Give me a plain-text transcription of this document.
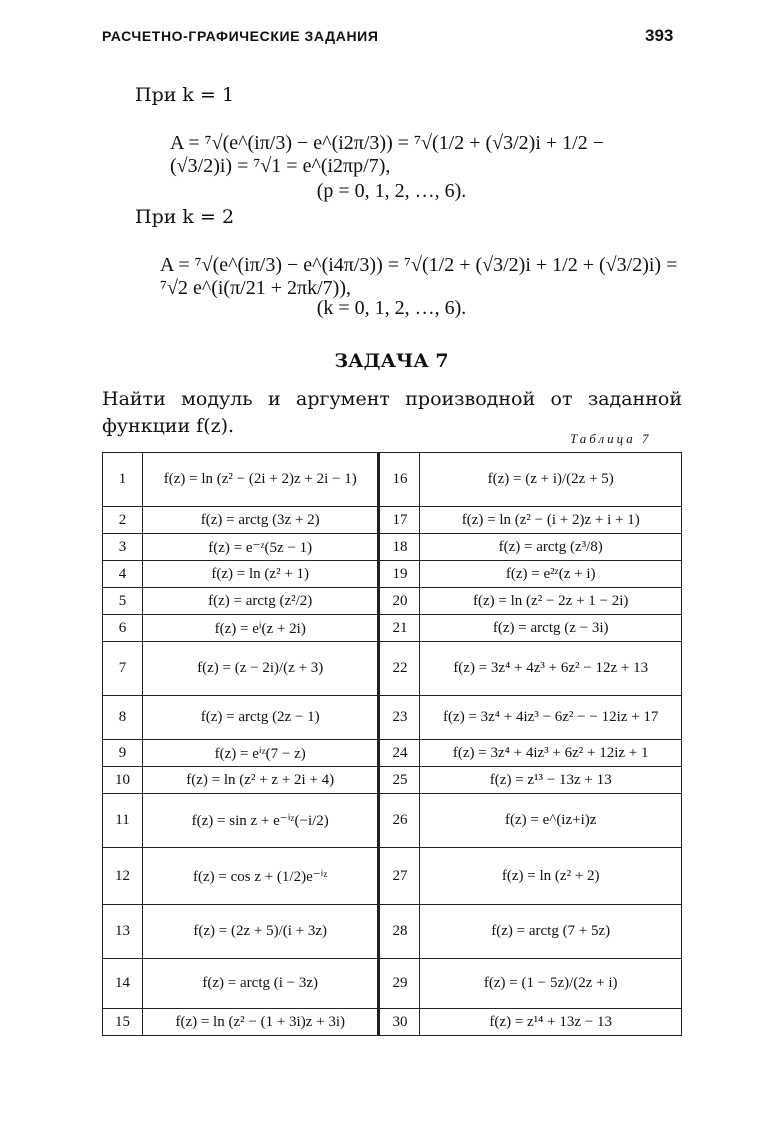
РАСЧЕТНО-ГРАФИЧЕСКИЕ ЗАДАНИЯ	393
При k = 1
A = ⁷√(e^(iπ/3) − e^(i2π/3)) = ⁷√(1/2 + (√3/2)i + 1/2 − (√3/2)i) = ⁷√1 = e^(i2πp/7),
(p = 0, 1, 2, …, 6).
При k = 2
A = ⁷√(e^(iπ/3) − e^(i4π/3)) = ⁷√(1/2 + (√3/2)i + 1/2 + (√3/2)i) = ⁷√2 e^(i(π/21 + 2πk/7)),
(k = 0, 1, 2, …, 6).
ЗАДАЧА 7
Найти модуль и аргумент производной от заданной функции f(z).
Таблица 7
1	f(z) = ln (z² − (2i + 2)z + 2i − 1)	16	f(z) = (z + i)/(2z + 5)
2	f(z) = arctg (3z + 2)	17	f(z) = ln (z² − (i + 2)z + i + 1)
3	f(z) = e⁻ᶻ(5z − 1)	18	f(z) = arctg (z³/8)
4	f(z) = ln (z² + 1)	19	f(z) = e²ᶻ(z + i)
5	f(z) = arctg (z²/2)	20	f(z) = ln (z² − 2z + 1 − 2i)
6	f(z) = eⁱ(z + 2i)	21	f(z) = arctg (z − 3i)
7	f(z) = (z − 2i)/(z + 3)	22	f(z) = 3z⁴ + 4z³ + 6z² − 12z + 13
8	f(z) = arctg (2z − 1)	23	f(z) = 3z⁴ + 4iz³ − 6z² − − 12iz + 17
9	f(z) = eⁱᶻ(7 − z)	24	f(z) = 3z⁴ + 4iz³ + 6z² + 12iz + 1
10	f(z) = ln (z² + z + 2i + 4)	25	f(z) = z¹³ − 13z + 13
11	f(z) = sin z + e⁻ⁱᶻ(−i/2)	26	f(z) = e^(iz+i)z
12	f(z) = cos z + (1/2)e⁻ⁱᶻ	27	f(z) = ln (z² + 2)
13	f(z) = (2z + 5)/(i + 3z)	28	f(z) = arctg (7 + 5z)
14	f(z) = arctg (i − 3z)	29	f(z) = (1 − 5z)/(2z + i)
15	f(z) = ln (z² − (1 + 3i)z + 3i)	30	f(z) = z¹⁴ + 13z − 13
